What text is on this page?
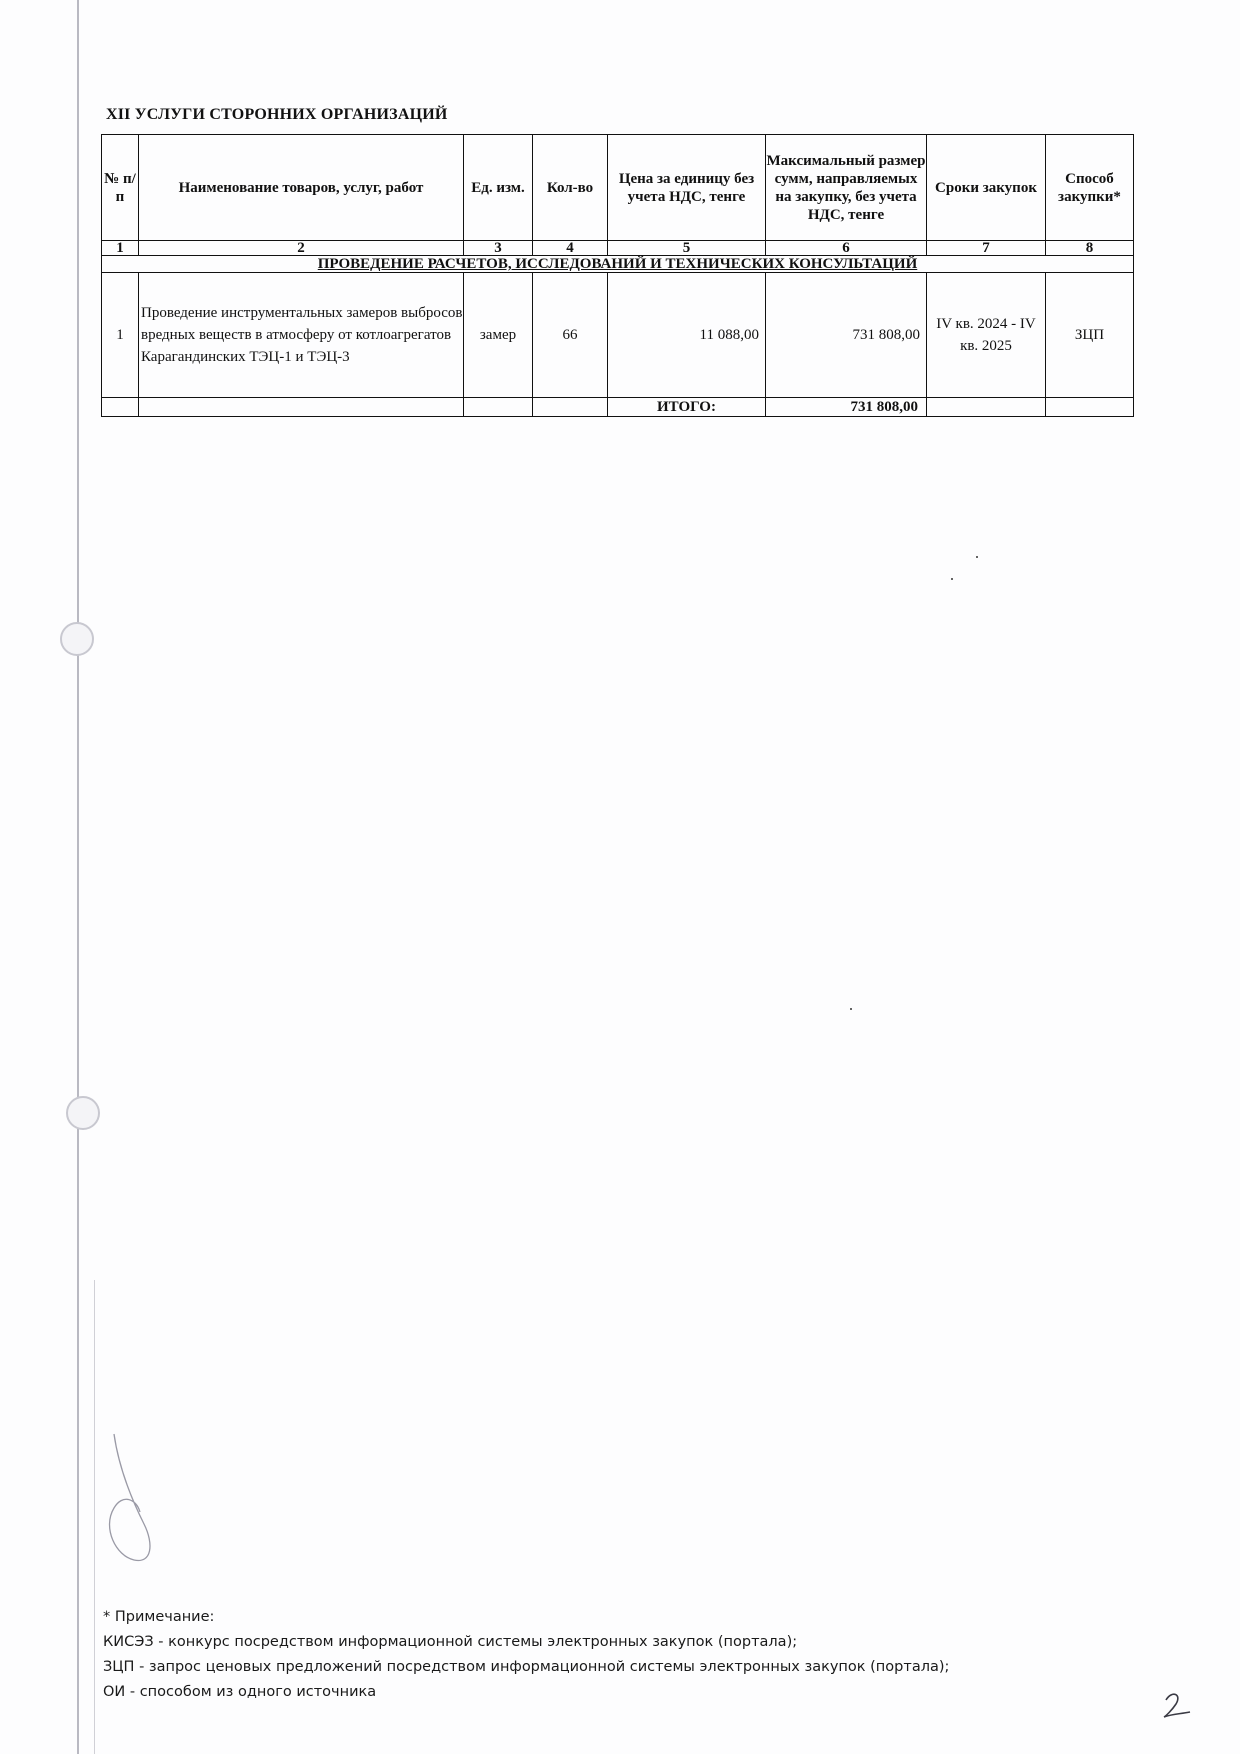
XII УСЛУГИ СТОРОННИХ ОРГАНИЗАЦИЙ
№ п/п	Наименование товаров, услуг, работ	Ед. изм.	Кол-во	Цена за единицу без учета НДС, тенге	Максимальный размер сумм, направляемых на закупку, без учета НДС, тенге	Сроки закупок	Способ закупки*
1	2	3	4	5	6	7	8
ПРОВЕДЕНИЕ РАСЧЕТОВ, ИССЛЕДОВАНИЙ И ТЕХНИЧЕСКИХ КОНСУЛЬТАЦИЙ							
1	Проведение инструментальных замеров выбросов вредных веществ в атмосферу от котлоагрегатов Карагандинских ТЭЦ-1 и ТЭЦ-3	замер	66	11 088,00	731 808,00	IV кв. 2024 - IV кв. 2025	ЗЦП
				ИТОГО:	731 808,00		
* Примечание:
КИСЭЗ - конкурс посредством информационной системы электронных закупок (портала);
ЗЦП - запрос ценовых предложений посредством информационной системы электронных закупок (портала);
ОИ - способом из одного источника
